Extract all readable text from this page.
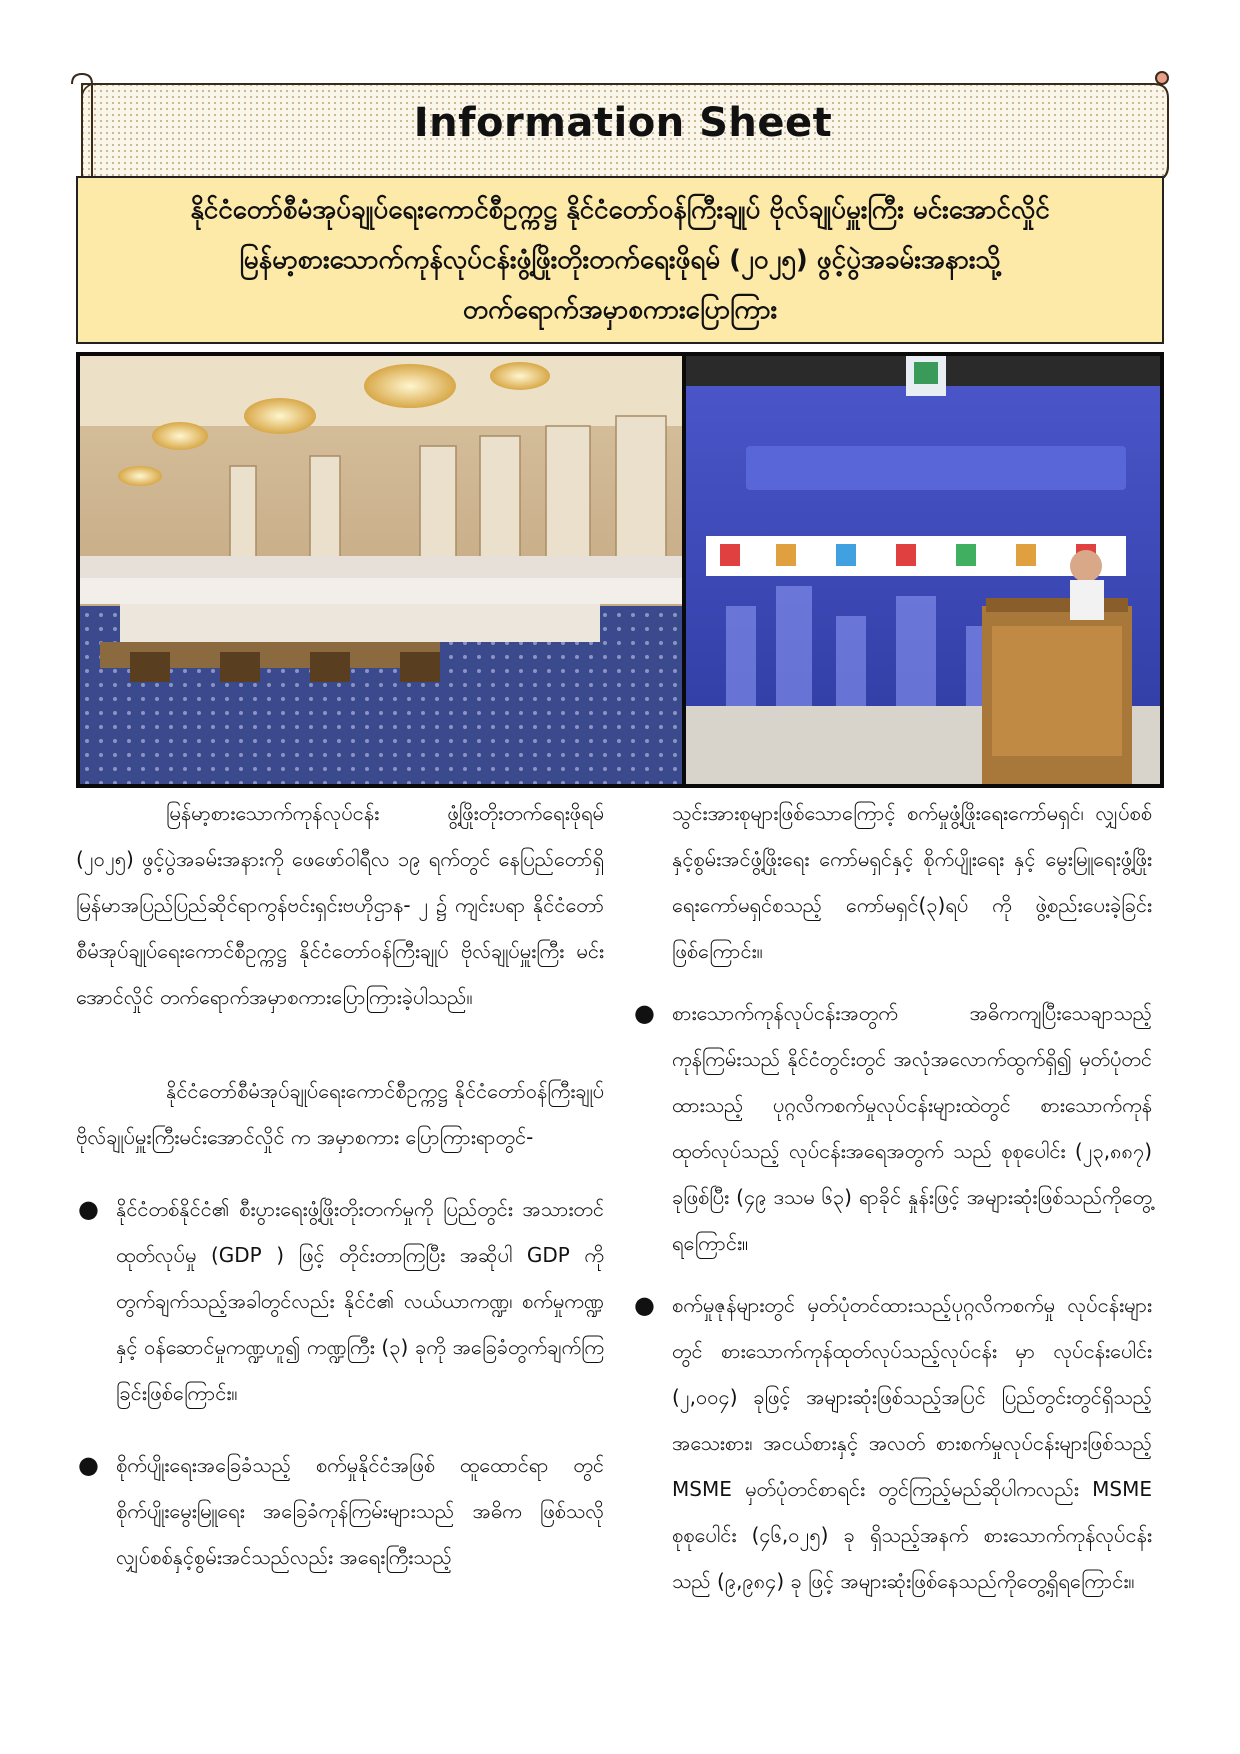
Information Sheet
နိုင်ငံတော်စီမံအုပ်ချုပ်ရေးကောင်စီဥက္ကဋ္ဌ နိုင်ငံတော်ဝန်ကြီးချုပ် ဗိုလ်ချုပ်မှူးကြီး မင်းအောင်လှိုင်
မြန်မာ့စားသောက်ကုန်လုပ်ငန်းဖွံ့ဖြိုးတိုးတက်ရေးဖိုရမ် (၂၀၂၅) ဖွင့်ပွဲအခမ်းအနားသို့
တက်ရောက်အမှာစကားပြောကြား

မြန်မာ့စားသောက်ကုန်လုပ်ငန်း ဖွံ့ဖြိုးတိုးတက်ရေးဖိုရမ် (၂၀၂၅) ဖွင့်ပွဲအခမ်းအနားကို ဖေဖော်ဝါရီလ ၁၉ ရက်တွင် နေပြည်တော်ရှိ မြန်မာအပြည်ပြည်ဆိုင်ရာကွန်ဗင်းရှင်းဗဟိုဌာန- ၂ ၌ ကျင်းပရာ နိုင်ငံတော်စီမံအုပ်ချုပ်ရေးကောင်စီဥက္ကဋ္ဌ နိုင်ငံတော်ဝန်ကြီးချုပ် ဗိုလ်ချုပ်မှူးကြီး မင်းအောင်လှိုင် တက်ရောက်အမှာစကားပြောကြားခဲ့ပါသည်။

နိုင်ငံတော်စီမံအုပ်ချုပ်ရေးကောင်စီဥက္ကဋ္ဌ နိုင်ငံတော်ဝန်ကြီးချုပ် ဗိုလ်ချုပ်မှူးကြီးမင်းအောင်လှိုင် က အမှာစကား ပြောကြားရာတွင်-

● နိုင်ငံတစ်နိုင်ငံ၏ စီးပွားရေးဖွံ့ဖြိုးတိုးတက်မှုကို ပြည်တွင်း အသားတင်ထုတ်လုပ်မှု (GDP ) ဖြင့် တိုင်းတာကြပြီး အဆိုပါ GDP ကို တွက်ချက်သည့်အခါတွင်လည်း နိုင်ငံ၏ လယ်ယာကဏ္ဍ၊ စက်မှုကဏ္ဍနှင့် ဝန်ဆောင်မှုကဏ္ဍဟူ၍ ကဏ္ဍကြီး (၃) ခုကို အခြေခံတွက်ချက်ကြခြင်းဖြစ်ကြောင်း။
● စိုက်ပျိုးရေးအခြေခံသည့် စက်မှုနိုင်ငံအဖြစ် ထူထောင်ရာ တွင် စိုက်ပျိုးမွေးမြူရေး အခြေခံကုန်ကြမ်းများသည် အဓိက ဖြစ်သလို လျှပ်စစ်နှင့်စွမ်းအင်သည်လည်း အရေးကြီးသည့်

သွင်းအားစုများဖြစ်သောကြောင့် စက်မှုဖွံ့ဖြိုးရေးကော်မရှင်၊ လျှပ်စစ်နှင့်စွမ်းအင်ဖွံ့ဖြိုးရေး ကော်မရှင်နှင့် စိုက်ပျိုးရေး နှင့် မွေးမြူရေးဖွံ့ဖြိုးရေးကော်မရှင်စသည့် ကော်မရှင်(၃)ရပ် ကို ဖွဲ့စည်းပေးခဲ့ခြင်းဖြစ်ကြောင်း။

● စားသောက်ကုန်လုပ်ငန်းအတွက် အဓိကကျပြီးသေချာသည့် ကုန်ကြမ်းသည် နိုင်ငံတွင်းတွင် အလုံအလောက်ထွက်ရှိ၍ မှတ်ပုံတင်ထားသည့် ပုဂ္ဂလိကစက်မှုလုပ်ငန်းများထဲတွင် စားသောက်ကုန်ထုတ်လုပ်သည့် လုပ်ငန်းအရေအတွက် သည် စုစုပေါင်း (၂၃,၈၈၇) ခုဖြစ်ပြီး (၄၉ ဒသမ ၆၃) ရာခိုင် နှုန်းဖြင့် အများဆုံးဖြစ်သည်ကိုတွေ့ရကြောင်း။
● စက်မှုဇုန်များတွင် မှတ်ပုံတင်ထားသည့်ပုဂ္ဂလိကစက်မှု လုပ်ငန်းများတွင် စားသောက်ကုန်ထုတ်လုပ်သည့်လုပ်ငန်း မှာ လုပ်ငန်းပေါင်း (၂,၀၀၄) ခုဖြင့် အများဆုံးဖြစ်သည့်အပြင် ပြည်တွင်းတွင်ရှိသည့် အသေးစား၊ အငယ်စားနှင့် အလတ် စားစက်မှုလုပ်ငန်းများဖြစ်သည့် MSME မှတ်ပုံတင်စာရင်း တွင်ကြည့်မည်ဆိုပါကလည်း MSME စုစုပေါင်း (၄၆,၀၂၅) ခု ရှိသည့်အနက် စားသောက်ကုန်လုပ်ငန်းသည် (၉,၉၈၄) ခု ဖြင့် အများဆုံးဖြစ်နေသည်ကိုတွေ့ရှိရကြောင်း။
